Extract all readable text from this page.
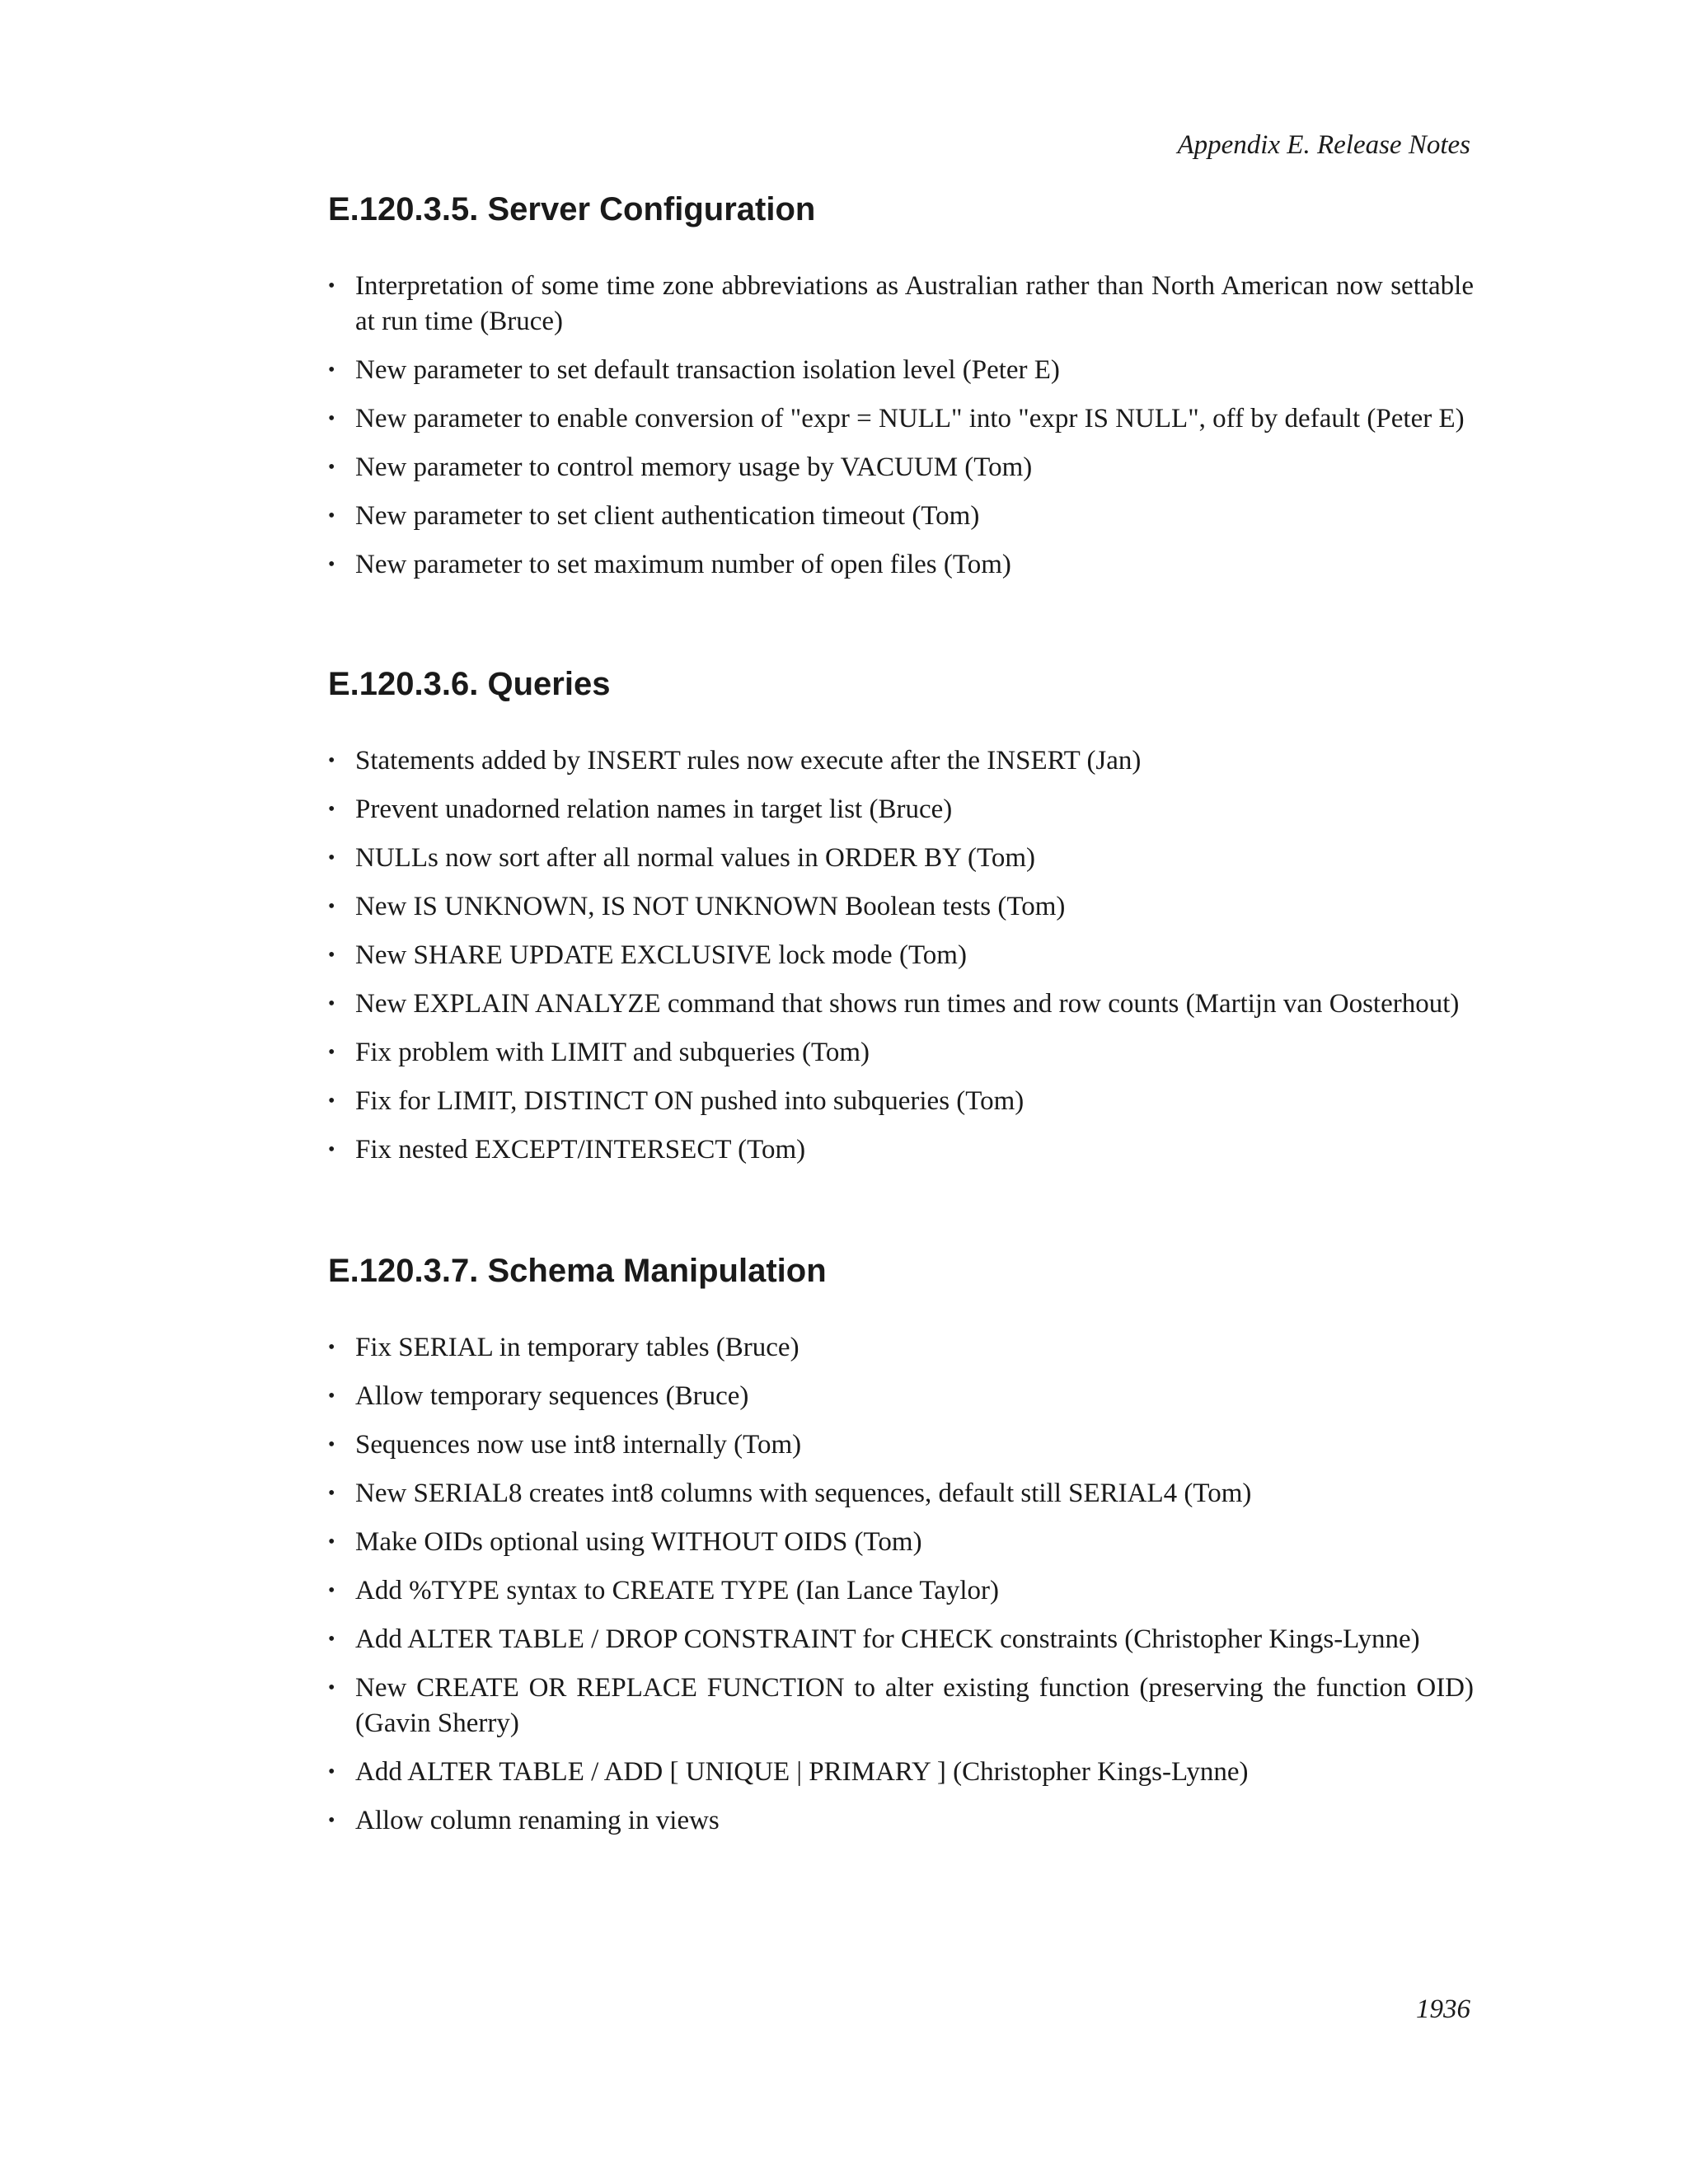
Appendix E. Release Notes
E.120.3.5. Server Configuration
• Interpretation of some time zone abbreviations as Australian rather than North American now settable at run time (Bruce)
• New parameter to set default transaction isolation level (Peter E)
• New parameter to enable conversion of "expr = NULL" into "expr IS NULL", off by default (Peter E)
• New parameter to control memory usage by VACUUM (Tom)
• New parameter to set client authentication timeout (Tom)
• New parameter to set maximum number of open files (Tom)
E.120.3.6. Queries
• Statements added by INSERT rules now execute after the INSERT (Jan)
• Prevent unadorned relation names in target list (Bruce)
• NULLs now sort after all normal values in ORDER BY (Tom)
• New IS UNKNOWN, IS NOT UNKNOWN Boolean tests (Tom)
• New SHARE UPDATE EXCLUSIVE lock mode (Tom)
• New EXPLAIN ANALYZE command that shows run times and row counts (Martijn van Oosterhout)
• Fix problem with LIMIT and subqueries (Tom)
• Fix for LIMIT, DISTINCT ON pushed into subqueries (Tom)
• Fix nested EXCEPT/INTERSECT (Tom)
E.120.3.7. Schema Manipulation
• Fix SERIAL in temporary tables (Bruce)
• Allow temporary sequences (Bruce)
• Sequences now use int8 internally (Tom)
• New SERIAL8 creates int8 columns with sequences, default still SERIAL4 (Tom)
• Make OIDs optional using WITHOUT OIDS (Tom)
• Add %TYPE syntax to CREATE TYPE (Ian Lance Taylor)
• Add ALTER TABLE / DROP CONSTRAINT for CHECK constraints (Christopher Kings-Lynne)
• New CREATE OR REPLACE FUNCTION to alter existing function (preserving the function OID) (Gavin Sherry)
• Add ALTER TABLE / ADD [ UNIQUE | PRIMARY ] (Christopher Kings-Lynne)
• Allow column renaming in views
1936
